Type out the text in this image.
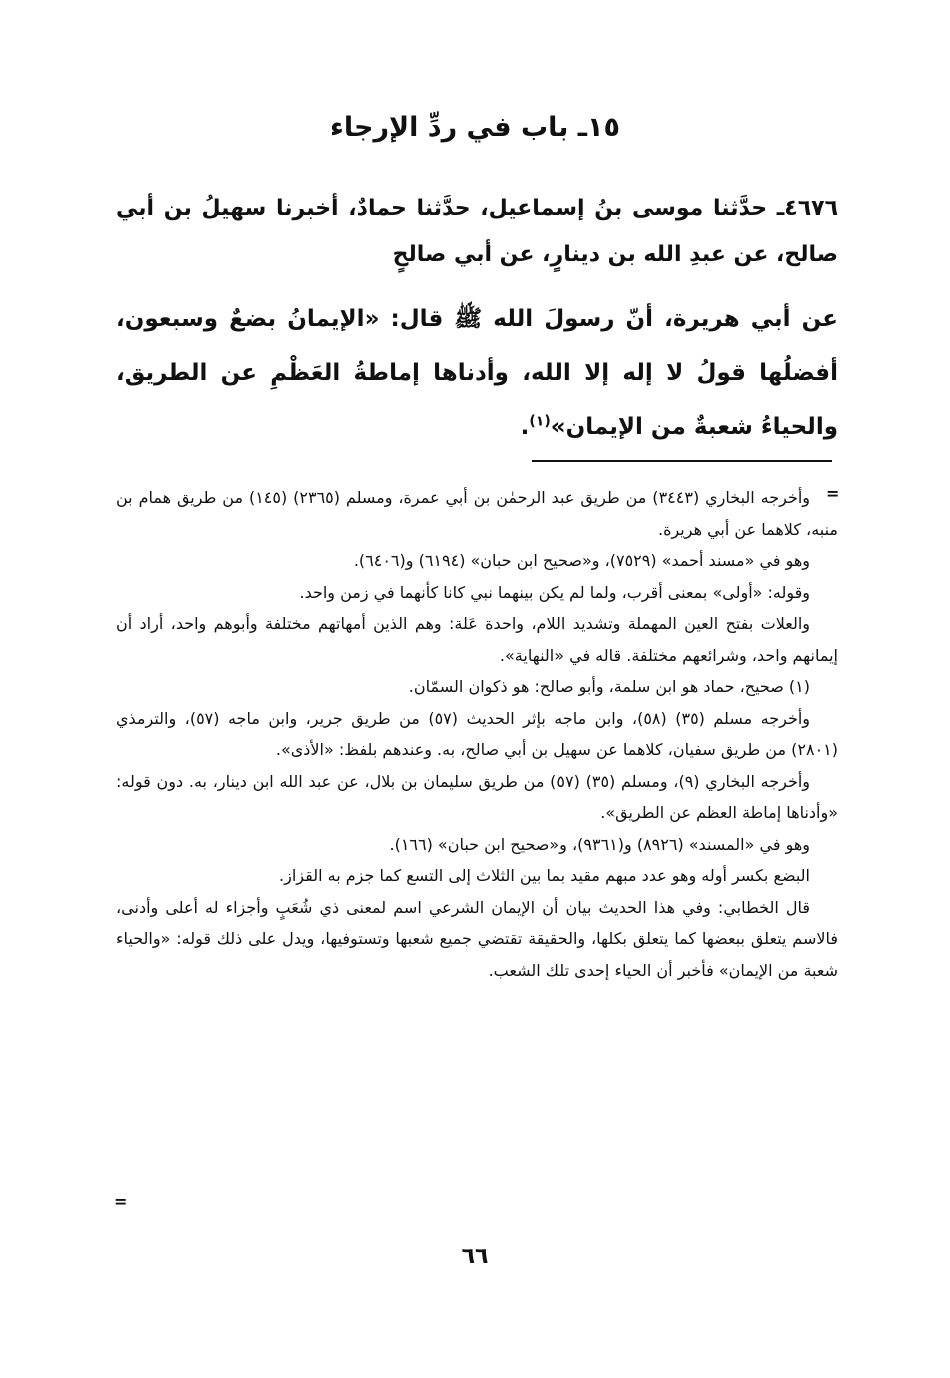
١٥ـ باب في ردِّ الإرجاء

٤٦٧٦ـ حدَّثنا موسى بنُ إسماعيل، حدَّثنا حمادٌ، أخبرنا سهيلُ بن أبي صالح، عن عبدِ الله بن دينارٍ، عن أبي صالحٍ

عن أبي هريرة، أنّ رسولَ الله ﷺ قال: «الإيمانُ بضعٌ وسبعون، أفضلُها قولُ لا إله إلا الله، وأدناها إماطةُ العَظْمِ عن الطريق، والحياءُ شعبةٌ من الإيمان»$^{(١)}$.

=

وأخرجه البخاري (٣٤٤٣) من طريق عبد الرحمٰن بن أبي عمرة، ومسلم (٢٣٦٥) (١٤٥) من طريق همام بن منبه، كلاهما عن أبي هريرة.

وهو في «مسند أحمد» (٧٥٢٩)، و«صحيح ابن حبان» (٦١٩٤) و(٦٤٠٦).

وقوله: «أولى» بمعنى أقرب، ولما لم يكن بينهما نبي كانا كأنهما في زمن واحد.

والعلات بفتح العين المهملة وتشديد اللام، واحدة عَلة: وهم الذين أمهاتهم مختلفة وأبوهم واحد، أراد أن إيمانهم واحد، وشرائعهم مختلفة. قاله في «النهاية».

(١) صحيح، حماد هو ابن سلمة، وأبو صالح: هو ذكوان السمّان.

وأخرجه مسلم (٣٥) (٥٨)، وابن ماجه بإثر الحديث (٥٧) من طريق جرير، وابن ماجه (٥٧)، والترمذي (٢٨٠١) من طريق سفيان، كلاهما عن سهيل بن أبي صالح، به. وعندهم بلفظ: «الأذى».

وأخرجه البخاري (٩)، ومسلم (٣٥) (٥٧) من طريق سليمان بن بلال، عن عبد الله ابن دينار، به. دون قوله: «وأدناها إماطة العظم عن الطريق».

وهو في «المسند» (٨٩٢٦) و(٩٣٦١)، و«صحيح ابن حبان» (١٦٦).

البضع بكسر أوله وهو عدد مبهم مقيد بما بين الثلاث إلى التسع كما جزم به القزاز.

قال الخطابي: وفي هذا الحديث بيان أن الإيمان الشرعي اسم لمعنى ذي شُعَبٍ وأجزاء له أعلى وأدنى، فالاسم يتعلق ببعضها كما يتعلق بكلها، والحقيقة تقتضي جميع شعبها وتستوفيها، ويدل على ذلك قوله: «والحياء شعبة من الإيمان» فأخبر أن الحياء إحدى تلك الشعب.

=
٦٦
